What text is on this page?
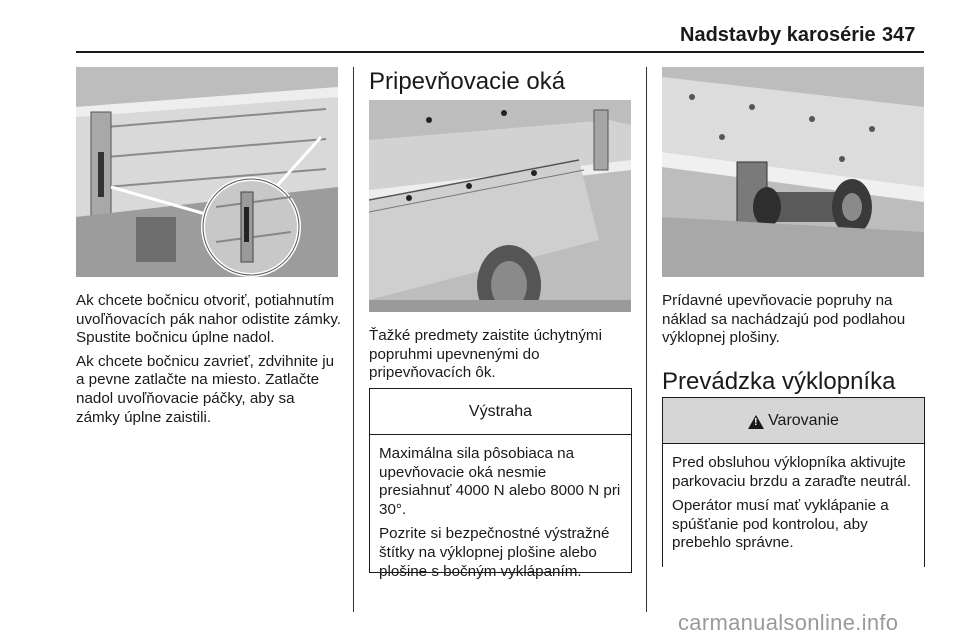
Nadstavby karosérie 347

Ak chcete bočnicu otvoriť, potiahnutím uvoľňovacích pák nahor odistite zámky. Spustite bočnicu úplne nadol.

Ak chcete bočnicu zavrieť, zdvihnite ju a pevne zatlačte na miesto. Zatlačte nadol uvoľňovacie páčky, aby sa zámky úplne zaistili.

Pripevňovacie oká
Ťažké predmety zaistite úchytnými popruhmi upevnenými do pripevňovacích ôk.
Výstraha

Maximálna sila pôsobiaca na upevňovacie oká nesmie presiahnuť 4000 N alebo 8000 N pri 30°.

Pozrite si bezpečnostné výstražné štítky na výklopnej plošine alebo plošine s bočným vyklápaním.

Prídavné upevňovacie popruhy na náklad sa nachádzajú pod podlahou výklopnej plošiny.
Prevádzka výklopníka
!
Varovanie

Pred obsluhou výklopníka aktivujte parkovaciu brzdu a zaraďte neutrál.

Operátor musí mať vyklápanie a spúšťanie pod kontrolou, aby prebehlo správne.

carmanualsonline.info
